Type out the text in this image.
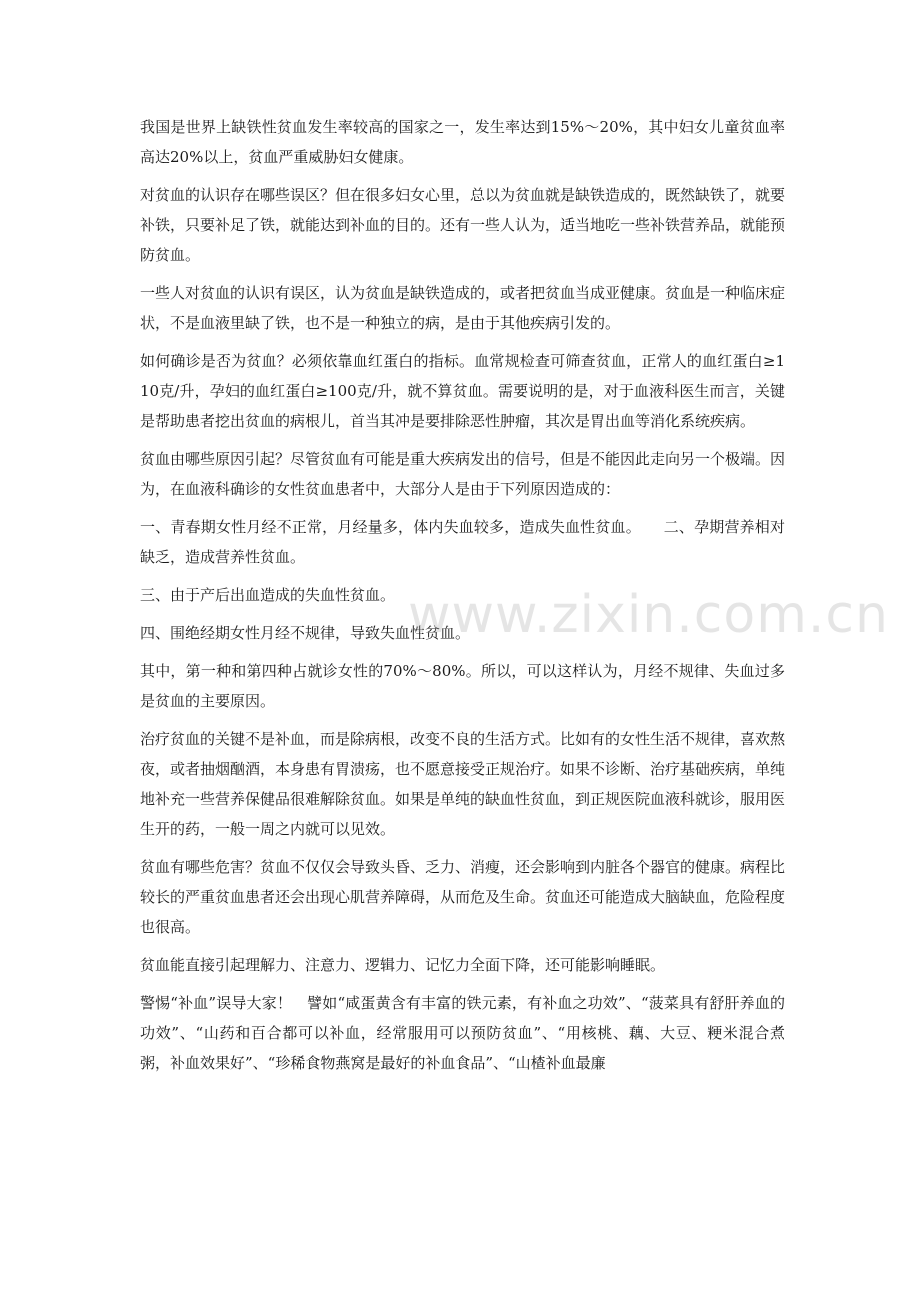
我国是世界上缺铁性贫血发生率较高的国家之一，发生率达到15%～20%，其中妇女儿童贫血率高达20%以上，贫血严重威胁妇女健康。

对贫血的认识存在哪些误区？但在很多妇女心里，总以为贫血就是缺铁造成的，既然缺铁了，就要补铁，只要补足了铁，就能达到补血的目的。还有一些人认为，适当地吃一些补铁营养品，就能预防贫血。

一些人对贫血的认识有误区，认为贫血是缺铁造成的，或者把贫血当成亚健康。贫血是一种临床症状，不是血液里缺了铁，也不是一种独立的病，是由于其他疾病引发的。

如何确诊是否为贫血？必须依靠血红蛋白的指标。血常规检查可筛查贫血，正常人的血红蛋白≥110克/升，孕妇的血红蛋白≥100克/升，就不算贫血。需要说明的是，对于血液科医生而言，关键是帮助患者挖出贫血的病根儿，首当其冲是要排除恶性肿瘤，其次是胃出血等消化系统疾病。

贫血由哪些原因引起？尽管贫血有可能是重大疾病发出的信号，但是不能因此走向另一个极端。因为，在血液科确诊的女性贫血患者中，大部分人是由于下列原因造成的：

一、青春期女性月经不正常，月经量多，体内失血较多，造成失血性贫血。　　二、孕期营养相对缺乏，造成营养性贫血。

三、由于产后出血造成的失血性贫血。

四、围绝经期女性月经不规律，导致失血性贫血。

其中，第一种和第四种占就诊女性的70%～80%。所以，可以这样认为，月经不规律、失血过多是贫血的主要原因。

治疗贫血的关键不是补血，而是除病根，改变不良的生活方式。比如有的女性生活不规律，喜欢熬夜，或者抽烟酗酒，本身患有胃溃疡，也不愿意接受正规治疗。如果不诊断、治疗基础疾病，单纯地补充一些营养保健品很难解除贫血。如果是单纯的缺血性贫血，到正规医院血液科就诊，服用医生开的药，一般一周之内就可以见效。

贫血有哪些危害？贫血不仅仅会导致头昏、乏力、消瘦，还会影响到内脏各个器官的健康。病程比较长的严重贫血患者还会出现心肌营养障碍，从而危及生命。贫血还可能造成大脑缺血，危险程度也很高。

贫血能直接引起理解力、注意力、逻辑力、记忆力全面下降，还可能影响睡眠。

警惕“补血”误导大家！　譬如“咸蛋黄含有丰富的铁元素，有补血之功效”、“菠菜具有舒肝养血的功效”、“山药和百合都可以补血，经常服用可以预防贫血”、“用核桃、藕、大豆、粳米混合煮粥，补血效果好”、“珍稀食物燕窝是最好的补血食品”、“山楂补血最廉

www.zixin.com.cn
